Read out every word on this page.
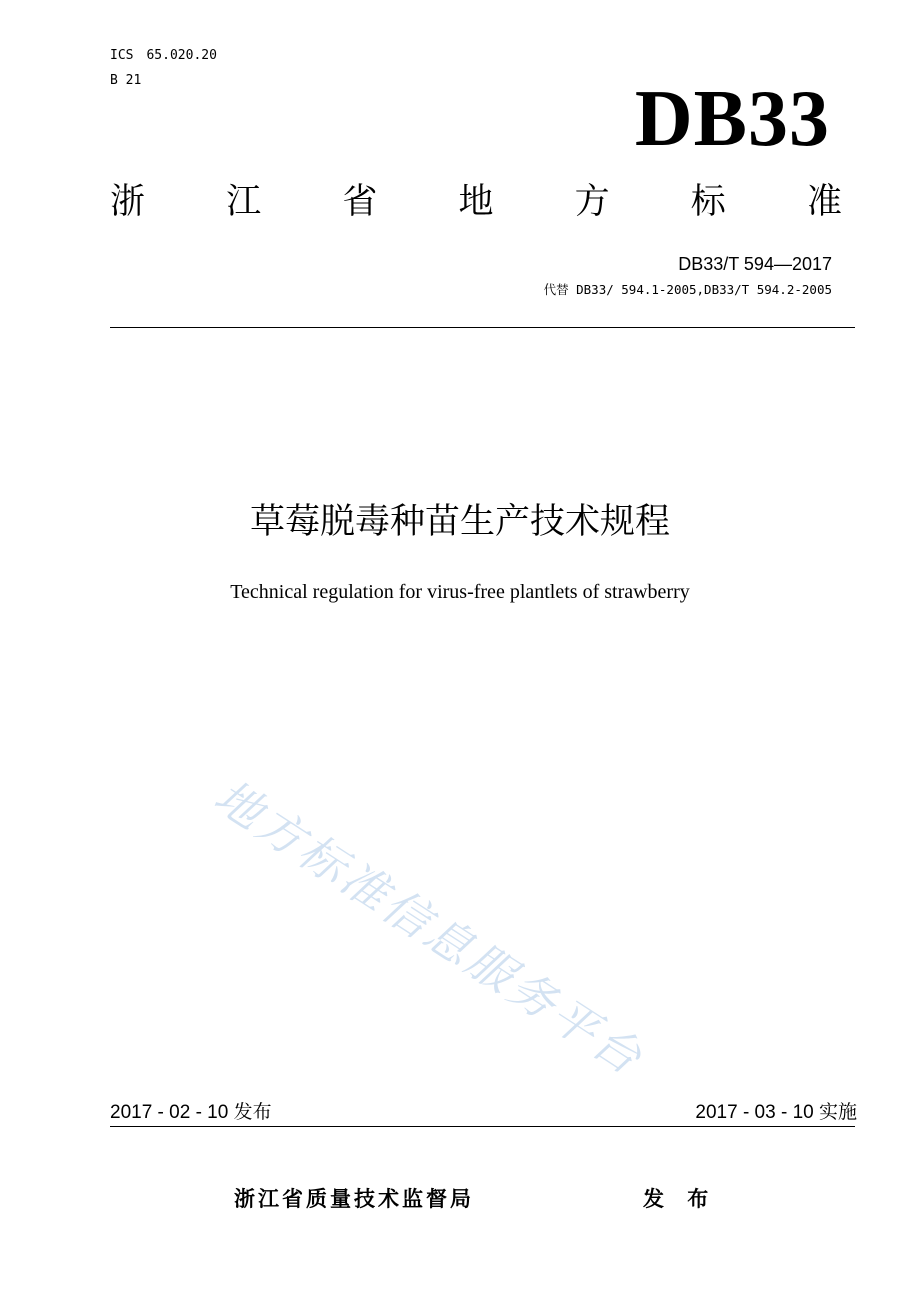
ICS　65.020.20
B 21	DB33
浙 江 省 地 方 标 准
DB33/T 594—2017
代替 DB33/ 594.1-2005,DB33/T 594.2-2005
草莓脱毒种苗生产技术规程
Technical regulation for virus-free plantlets of strawberry
地方标准信息服务平台
2017 - 02 - 10 发布	2017 - 03 - 10 实施
浙江省质量技术监督局	发 布
